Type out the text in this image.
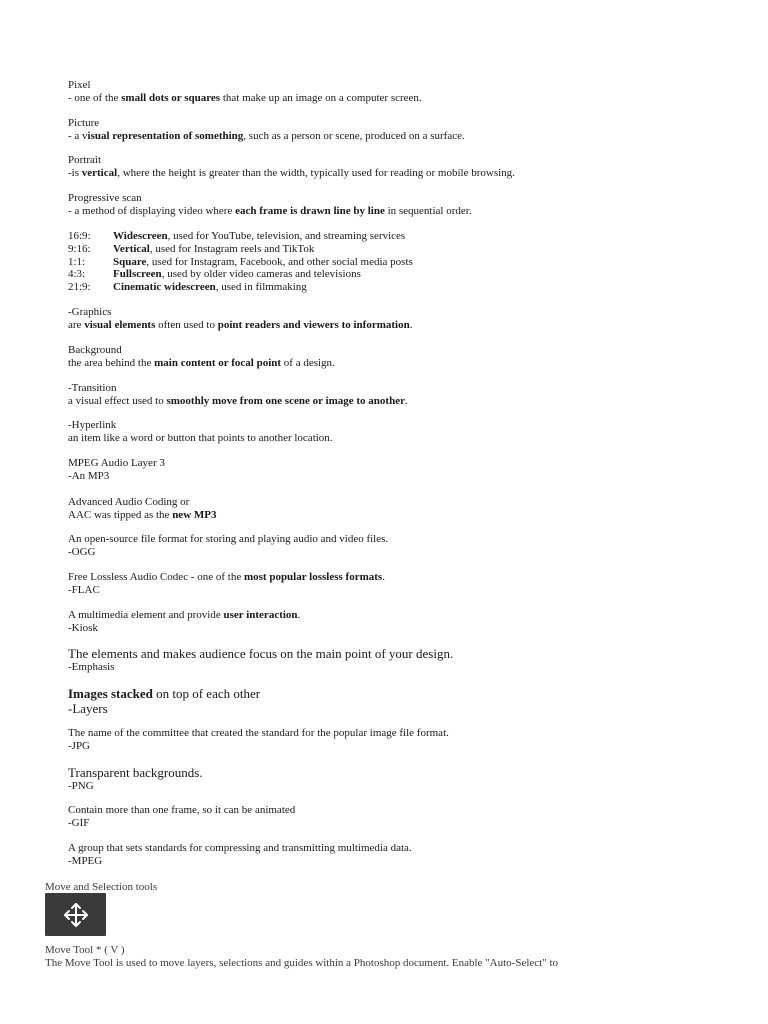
Pixel

- one of the small dots or squares that make up an image on a computer screen.

Picture

- a visual representation of something, such as a person or scene, produced on a surface.

Portrait

-is vertical, where the height is greater than the width, typically used for reading or mobile browsing.

Progressive scan

- a method of displaying video where each frame is drawn line by line in sequential order.

16:9:	Widescreen, used for YouTube, television, and streaming services
9:16:	Vertical, used for Instagram reels and TikTok
1:1:	Square, used for Instagram, Facebook, and other social media posts
4:3:	Fullscreen, used by older video cameras and televisions
21:9:	Cinematic widescreen, used in filmmaking

-Graphics

are visual elements often used to point readers and viewers to information.

Background

the area behind the main content or focal point of a design.

-Transition

a visual effect used to smoothly move from one scene or image to another.

-Hyperlink

an item like a word or button that points to another location.

MPEG Audio Layer 3

-An MP3

Advanced Audio Coding or

AAC was tipped as the new MP3

An open-source file format for storing and playing audio and video files.

-OGG

Free Lossless Audio Codec - one of the most popular lossless formats.

-FLAC

A multimedia element and provide user interaction.

-Kiosk

The elements and makes audience focus on the main point of your design.

-Emphasis

Images stacked on top of each other

-Layers

The name of the committee that created the standard for the popular image file format.

-JPG

Transparent backgrounds.

-PNG

Contain more than one frame, so it can be animated

-GIF

A group that sets standards for compressing and transmitting multimedia data.

-MPEG

Move and Selection tools
Move Tool * ( V )
The Move Tool is used to move layers, selections and guides within a Photoshop document. Enable "Auto-Select" to
